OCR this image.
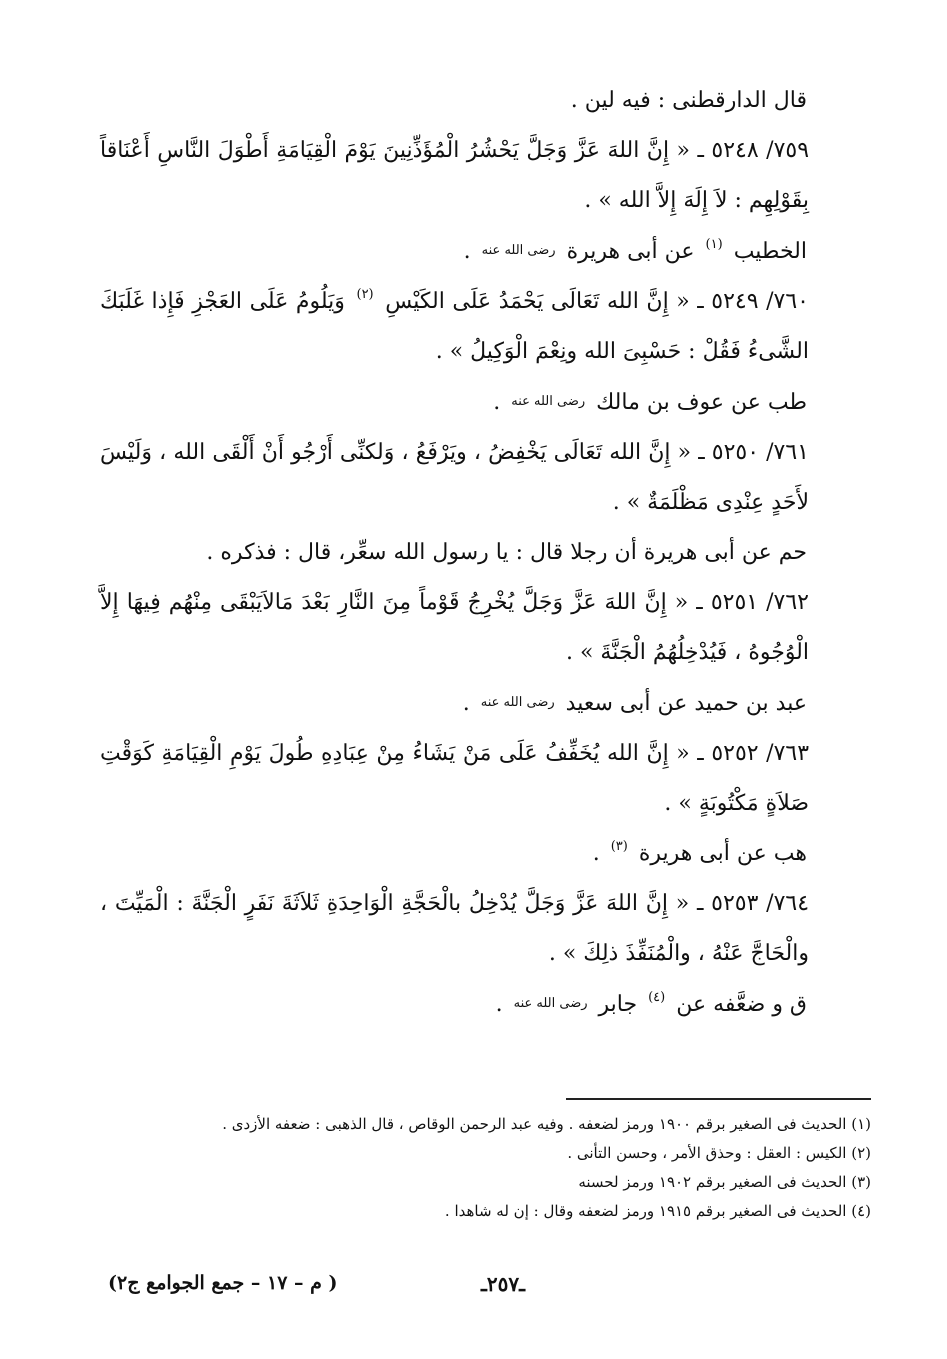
قال الدارقطنى : فيه لين .

٧٥٩/ ٥٢٤٨ ـ « إِنَّ اللهَ عَزَّ وَجَلَّ يَحْشُرُ الْمُؤَذِّنِينَ يَوْمَ الْقِيَامَةِ أَطْوَلَ النَّاسِ أَعْنَاقاً بِقَوْلِهِم : لاَ إِلَهَ إِلاَّ الله » .

الخطيب $^{(١)}$ عن أبى هريرة رضى الله عنه .

٧٦٠/ ٥٢٤٩ ـ « إِنَّ الله تَعَالَى يَحْمَدُ عَلَى الكَيْسِ $^{(٢)}$ وَيَلُومُ عَلَى العَجْزِ فَإِذا غَلَبَكَ الشَّىءُ فَقُلْ : حَسْبِىَ الله ونِعْمَ الْوَكِيلُ » .

طب عن عوف بن مالك رضى الله عنه .

٧٦١/ ٥٢٥٠ ـ « إِنَّ الله تَعَالَى يَخْفِضُ ، ويَرْفَعُ ، وَلكنِّى أَرْجُو أَنْ أَلْقَى الله ، وَلَيْسَ لأَحَدٍ عِنْدِى مَظْلَمَةٌ » .

حم عن أبى هريرة أن رجلا قال : يا رسول الله سعِّر، قال : فذكره .

٧٦٢/ ٥٢٥١ ـ « إِنَّ اللهَ عَزَّ وَجَلَّ يُخْرِجُ قَوْماً مِنَ النَّارِ بَعْدَ مَالاَيَبْقَى مِنْهُم فِيهَا إِلاَّ الْوُجُوهُ ، فَيُدْخِلُهُمُ الْجَنَّةَ » .

عبد بن حميد عن أبى سعيد رضى الله عنه .

٧٦٣/ ٥٢٥٢ ـ « إِنَّ الله يُخَفِّفُ عَلَى مَنْ يَشَاءُ مِنْ عِبَادِهِ طُولَ يَوْمِ الْقِيَامَةِ كَوَقْتِ صَلاَةٍ مَكْتُوبَةٍ » .

هب عن أبى هريرة $^{(٣)}$ .

٧٦٤/ ٥٢٥٣ ـ « إِنَّ اللهَ عَزَّ وَجَلَّ يُدْخِلُ بالْحَجَّةِ الْوَاحِدَةِ ثَلاَثَةَ نَفَرٍ الْجَنَّةَ : الْمَيِّتَ ، والْحَاجَّ عَنْهُ ، والْمُنَفِّذَ ذلِكَ » .

ق و ضعَّفه عن $^{(٤)}$ جابر رضى الله عنه .

(١) الحديث فى الصغير برقم ١٩٠٠ ورمز لضعفه . وفيه عبد الرحمن الوقاص ، قال الذهبى : ضعفه الأزدى .

(٢) الكيس : العقل : وحذق الأمر ، وحسن التأنى .

(٣) الحديث فى الصغير برقم ١٩٠٢ ورمز لحسنه

(٤) الحديث فى الصغير برقم ١٩١٥ ورمز لضعفه وقال : إن له شاهدا .

ـ٢٥٧ـ
( م – ١٧ – جمع الجوامع ج٢)
